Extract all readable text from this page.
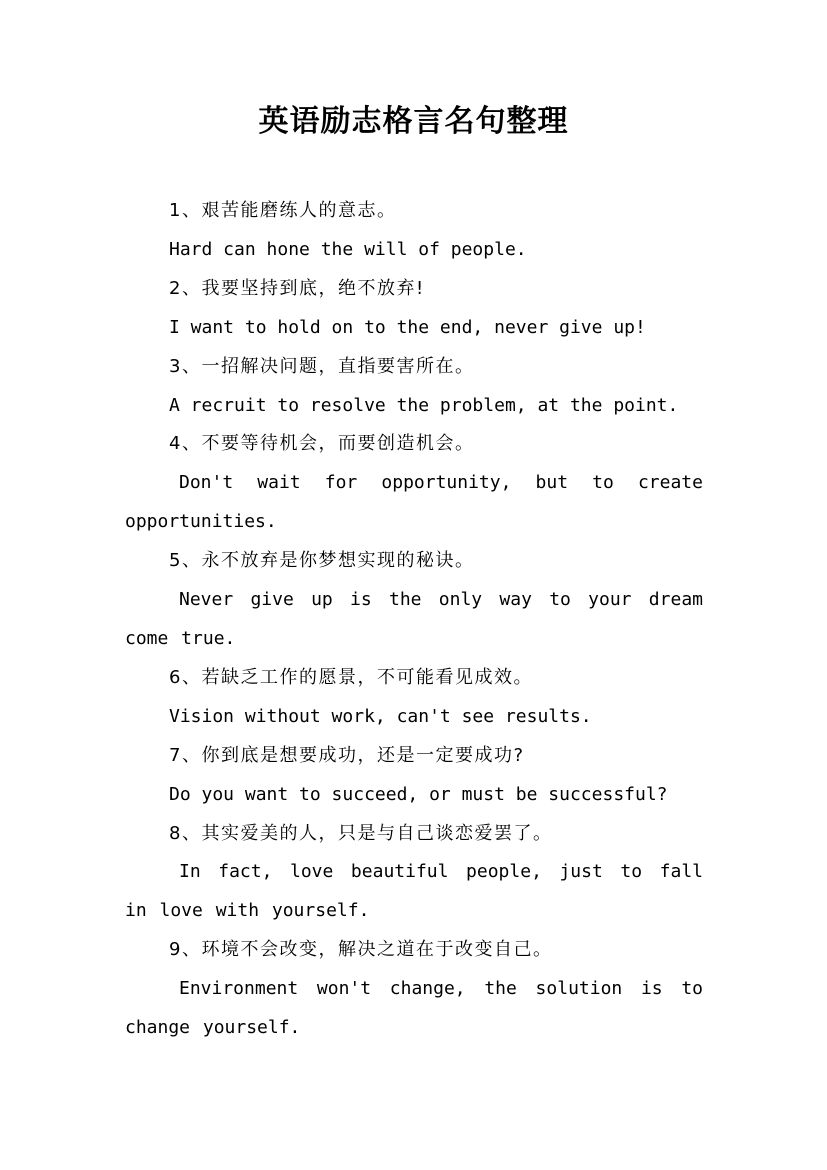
英语励志格言名句整理
1、艰苦能磨练人的意志。
Hard can hone the will of people.
2、我要坚持到底，绝不放弃!
I want to hold on to the end, never give up!
3、一招解决问题，直指要害所在。
A recruit to resolve the problem, at the point.
4、不要等待机会，而要创造机会。
Don't wait for opportunity, but to create opportunities.
5、永不放弃是你梦想实现的秘诀。
Never give up is the only way to your dream come true.
6、若缺乏工作的愿景，不可能看见成效。
Vision without work, can't see results.
7、你到底是想要成功，还是一定要成功?
Do you want to succeed, or must be successful?
8、其实爱美的人，只是与自己谈恋爱罢了。
In fact, love beautiful people, just to fall in love with yourself.
9、环境不会改变，解决之道在于改变自己。
Environment won't change, the solution is to change yourself.
